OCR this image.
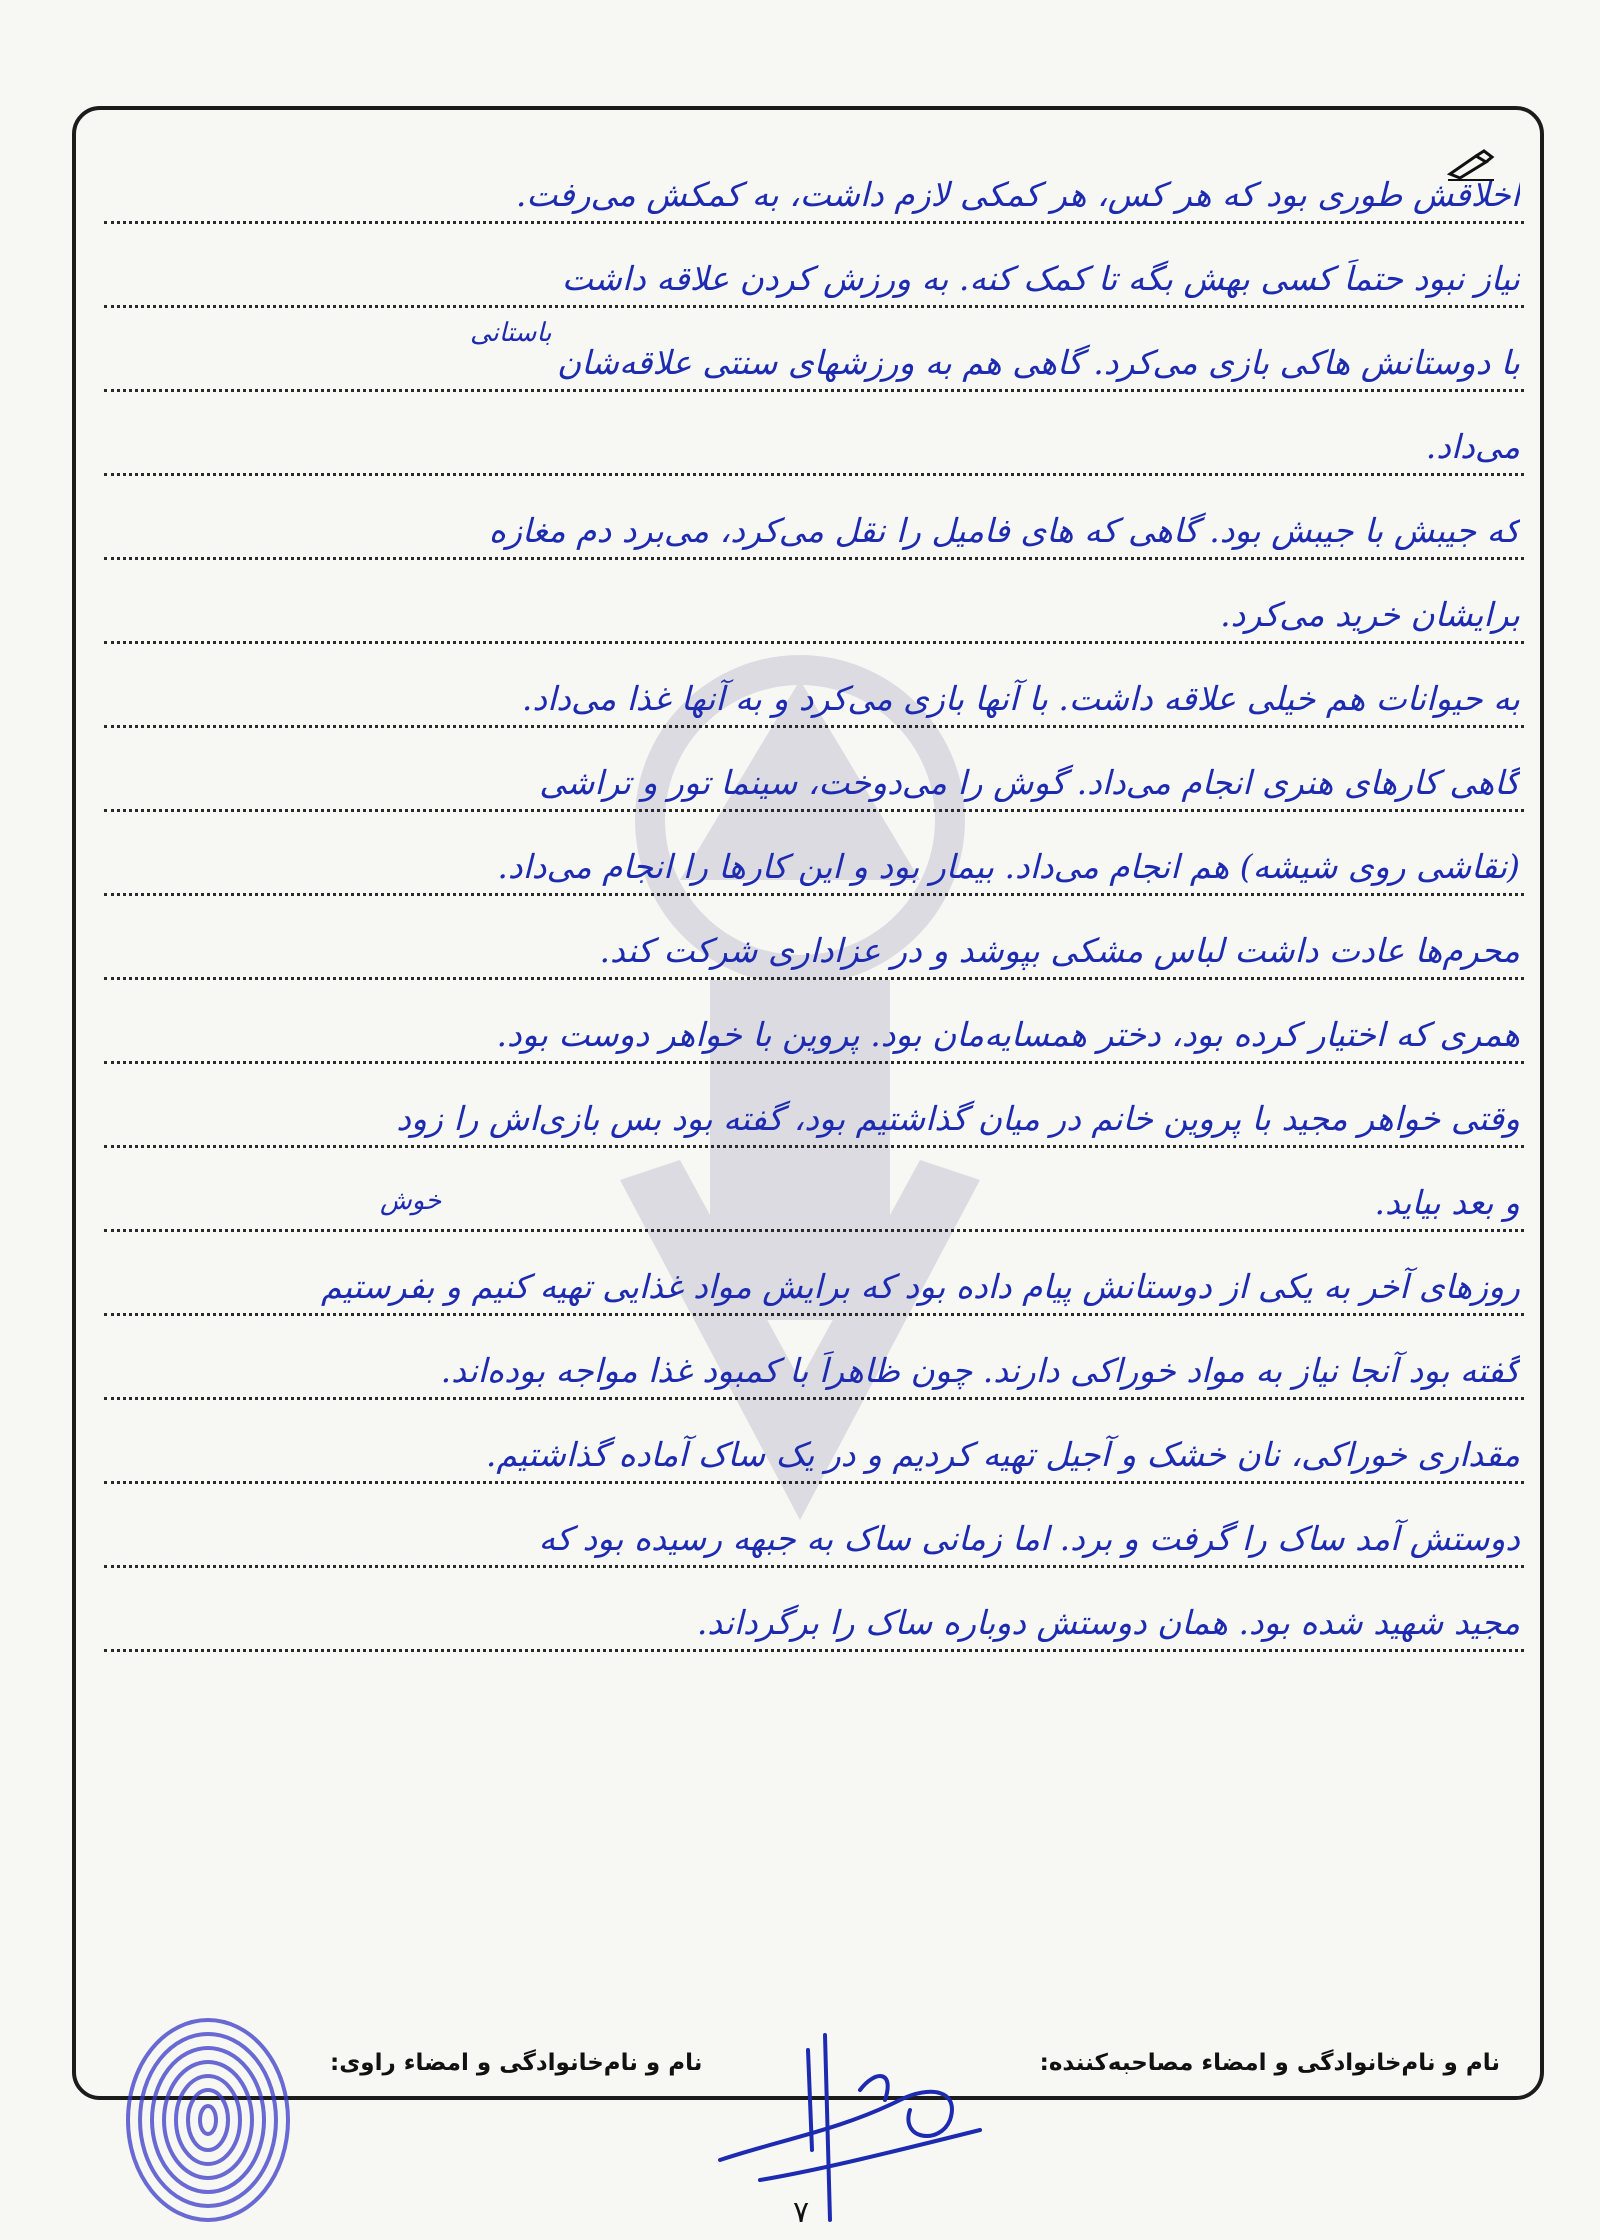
اخلاقش طوری بود که هر کس، هر کمکی لازم داشت، به کمکش می‌رفت.
نیاز نبود حتماً کسی بهش بگه تا کمک کنه. به ورزش کردن علاقه داشت
با دوستانش هاکی بازی می‌کرد. گاهی هم به ورزشهای سنتی علاقه‌شان
می‌داد.
که جیبش با جیبش بود. گاهی که های فامیل را نقل می‌کرد، می‌برد دم مغازه
برایشان خرید می‌کرد.
به حیوانات هم خیلی علاقه داشت. با آنها بازی می‌کرد و به آنها غذا می‌داد.
گاهی کارهای هنری انجام می‌داد. گوش را می‌دوخت، سینما تور و تراشی
(نقاشی روی شیشه) هم انجام می‌داد. بیمار بود و این کارها را انجام می‌داد.
محرم‌ها عادت داشت لباس مشکی بپوشد و در عزاداری شرکت کند.
همری که اختیار کرده بود، دختر همسایه‌مان بود. پروین با خواهر دوست بود.
وقتی خواهر مجید با پروین خانم در میان گذاشتیم بود، گفته بود بس بازی‌اش را زود
و بعد بیاید.
روزهای آخر به یکی از دوستانش پیام داده بود که برایش مواد غذایی تهیه کنیم و بفرستیم
گفته بود آنجا نیاز به مواد خوراکی دارند. چون ظاهراً با کمبود غذا مواجه بوده‌اند.
مقداری خوراکی، نان خشک و آجیل تهیه کردیم و در یک ساک آماده گذاشتیم.
دوستش آمد ساک را گرفت و برد. اما زمانی ساک به جبهه رسیده بود که
مجید شهید شده بود. همان دوستش دوباره ساک را برگرداند.
باستانی
خوش
نام و نام‌خانوادگی و امضاء مصاحبه‌کننده:
نام و نام‌خانوادگی و امضاء راوی:
۷
